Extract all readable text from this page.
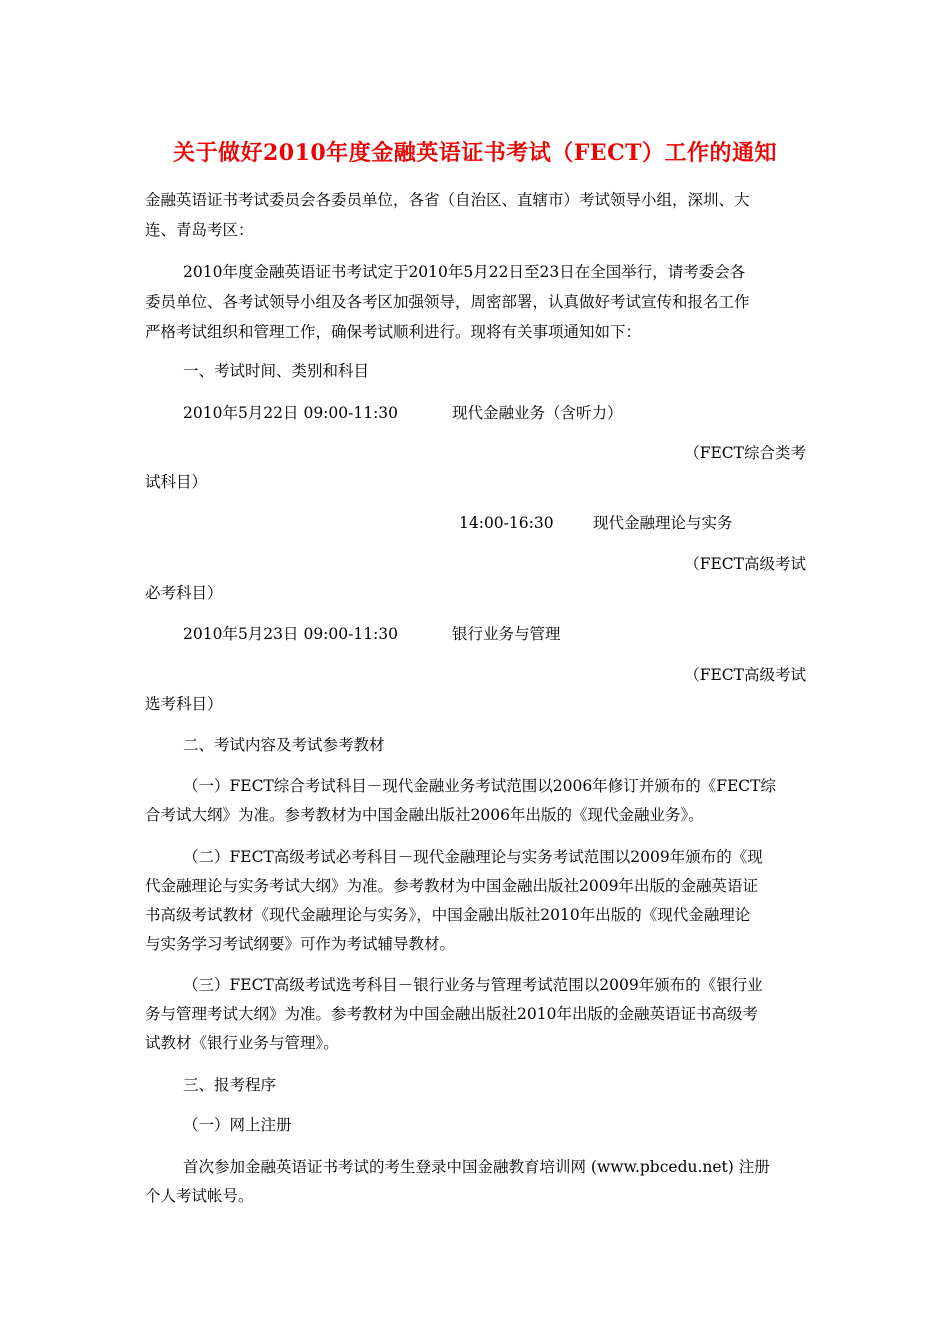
关于做好2010年度金融英语证书考试（FECT）工作的通知
金融英语证书考试委员会各委员单位，各省（自治区、直辖市）考试领导小组，深圳、大
连、青岛考区：
2010年度金融英语证书考试定于2010年5月22日至23日在全国举行，请考委会各
委员单位、各考试领导小组及各考区加强领导，周密部署，认真做好考试宣传和报名工作
严格考试组织和管理工作，确保考试顺利进行。现将有关事项通知如下：
一、考试时间、类别和科目
2010年5月22日 09:00-11:30	现代金融业务（含听力）
（FECT综合类考
试科目）
14:00-16:30	现代金融理论与实务
（FECT高级考试
必考科目）
2010年5月23日 09:00-11:30	银行业务与管理
（FECT高级考试
选考科目）
二、考试内容及考试参考教材
（一）FECT综合考试科目－现代金融业务考试范围以2006年修订并颁布的《FECT综
合考试大纲》为准。参考教材为中国金融出版社2006年出版的《现代金融业务》。
（二）FECT高级考试必考科目－现代金融理论与实务考试范围以2009年颁布的《现
代金融理论与实务考试大纲》为准。参考教材为中国金融出版社2009年出版的金融英语证
书高级考试教材《现代金融理论与实务》，中国金融出版社2010年出版的《现代金融理论
与实务学习考试纲要》可作为考试辅导教材。
（三）FECT高级考试选考科目－银行业务与管理考试范围以2009年颁布的《银行业
务与管理考试大纲》为准。参考教材为中国金融出版社2010年出版的金融英语证书高级考
试教材《银行业务与管理》。
三、报考程序
（一）网上注册
首次参加金融英语证书考试的考生登录中国金融教育培训网 (www.pbcedu.net) 注册
个人考试帐号。
